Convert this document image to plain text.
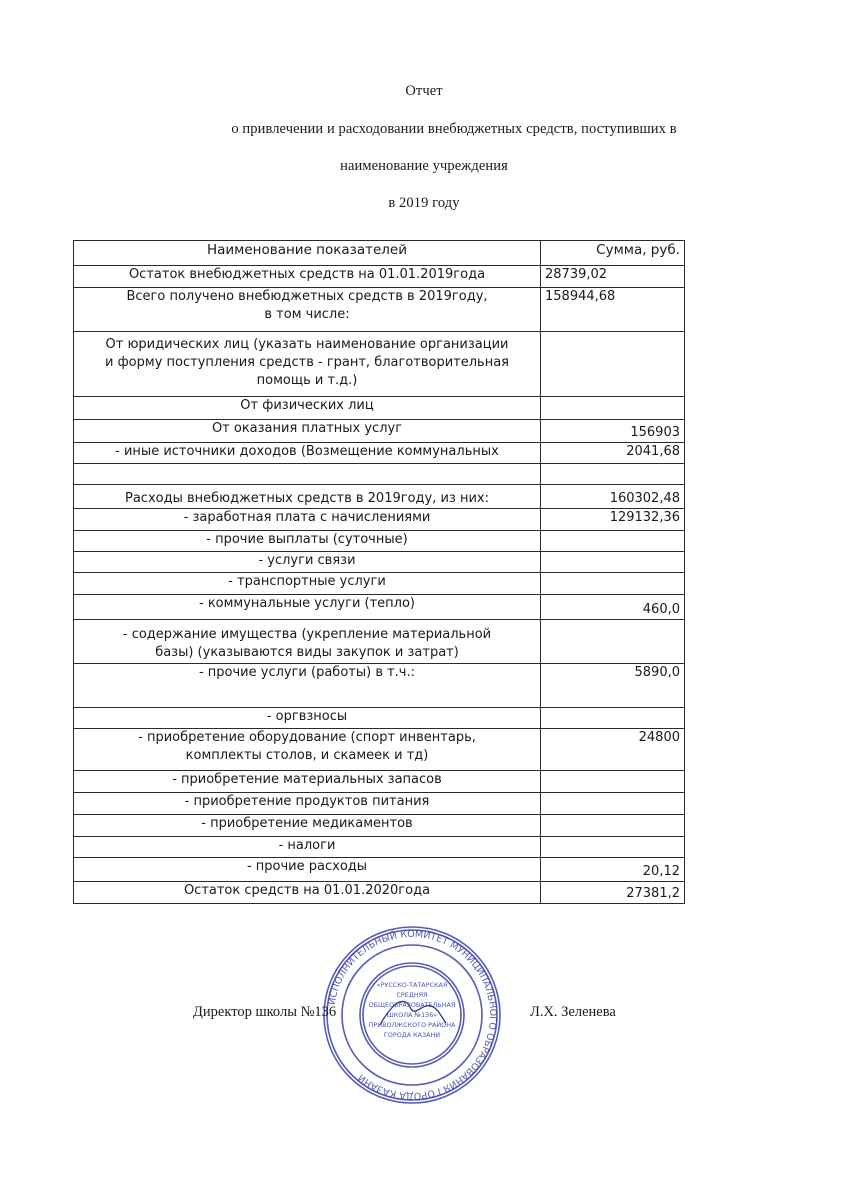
Отчет
о привлечении и расходовании внебюджетных средств, поступивших в
наименование учреждения
в 2019 году
Наименование показателей	Сумма, руб.
Остаток внебюджетных средств на 01.01.2019года	28739,02

Всего получено внебюджетных средств в 2019году,
в том числе:	158944,68

От юридических лиц (указать наименование организации
и форму поступления средств - грант, благотворительная
помощь и т.д.)	

От физических лиц	
От оказания платных услуг	156903
- иные источники доходов (Возмещение коммунальных	2041,68

Расходы внебюджетных средств в 2019году, из них:	160302,48
- заработная плата с начислениями	129132,36
- прочие выплаты (суточные)	
- услуги связи	
- транспортные услуги	
- коммунальные услуги (тепло)	460,0

- содержание имущества (укрепление материальной
базы) (указываются виды закупок и затрат)	

- прочие услуги (работы) в т.ч.:	5890,0
- оргвзносы	

- приобретение оборудование (спорт инвентарь,
комплекты столов, и скамеек и тд)	24800
- приобретение материальных запасов	
- приобретение продуктов питания	
- приобретение медикаментов	
- налоги	
- прочие расходы	20,12
Остаток средств на 01.01.2020года	27381,2
ИСПОЛНИТЕЛЬНЫЙ КОМИТЕТ МУНИЦИПАЛЬНОГО ОБРАЗОВАНИЯ ГОРОДА КАЗАНИ
«РУССКО-ТАТАРСКАЯ
СРЕДНЯЯ
ОБЩЕОБРАЗОВАТЕЛЬНАЯ
ШКОЛА №136»
ПРИВОЛЖСКОГО РАЙОНА
ГОРОДА КАЗАНИ
Директор школы №136	Л.Х. Зеленева
